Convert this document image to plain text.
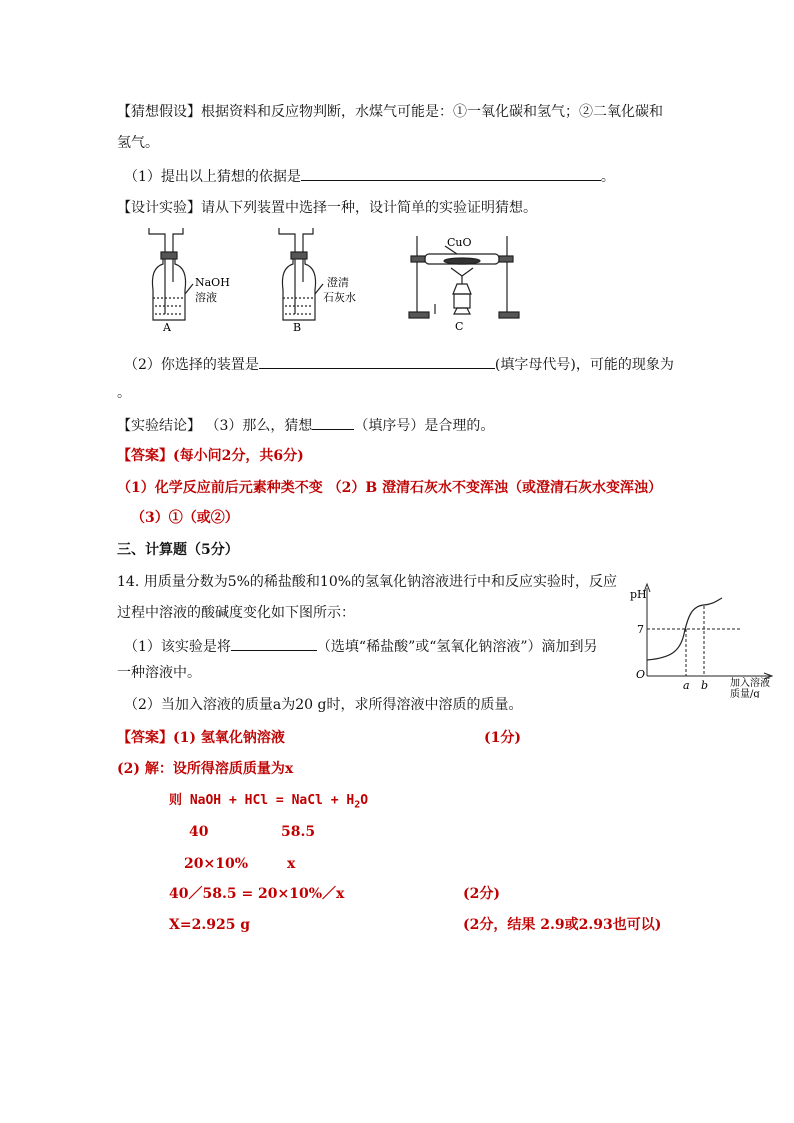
【猜想假设】根据资料和反应物判断，水煤气可能是：①一氧化碳和氢气；②二氧化碳和
氢气。
（1）提出以上猜想的依据是	。
【设计实验】请从下列装置中选择一种，设计简单的实验证明猜想。
NaOH
溶液
A
澄清
石灰水
B
CuO
C
（2）你选择的装置是	(填字母代号)，可能的现象为
。
【实验结论】 （3）那么，猜想	（填序号）是合理的。
【答案】(每小问2分，共6分)
（1）化学反应前后元素种类不变 （2）B 澄清石灰水不变浑浊（或澄清石灰水变浑浊）
（3）①（或②）
三、计算题（5分）
14. 用质量分数为5%的稀盐酸和10%的氢氧化钠溶液进行中和反应实验时，反应
过程中溶液的酸碱度变化如下图所示：
（1）该实验是将	（选填“稀盐酸”或“氢氧化钠溶液”）滴加到另
一种溶液中。
（2）当加入溶液的质量a为20 g时，求所得溶液中溶质的质量。
pH
7
O
a b 加入溶液
质量/g
【答案】(1) 氢氧化钠溶液	(1分)
(2) 解：设所得溶质质量为x
则 NaOH + HCl = NaCl + $H_2O$
40	58.5
20×10%	x
40／58.5 = 20×10%／x	(2分)
X=2.925 g	(2分，结果 2.9或2.93也可以)
